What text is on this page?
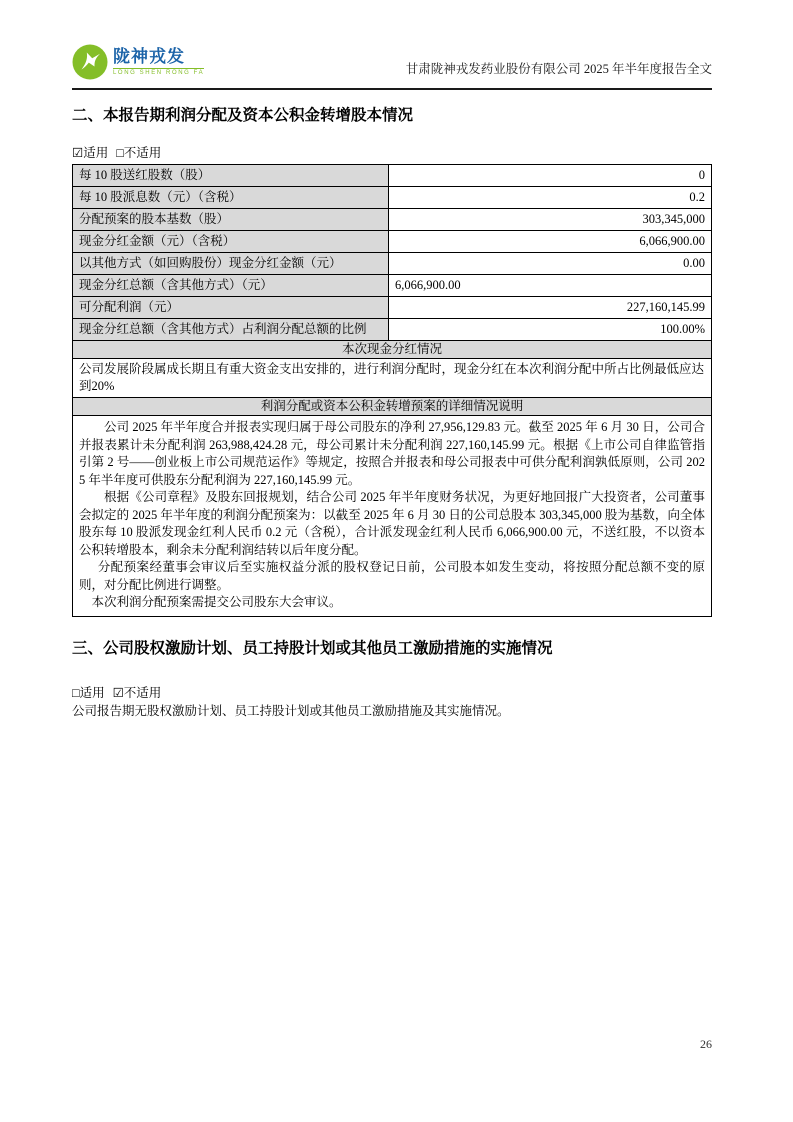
陇神戎发
LONG SHEN RONG FA	甘肃陇神戎发药业股份有限公司 2025 年半年度报告全文
二、本报告期利润分配及资本公积金转增股本情况
☑适用 □不适用
每 10 股送红股数（股）	0
每 10 股派息数（元）（含税）	0.2
分配预案的股本基数（股）	303,345,000
现金分红金额（元）（含税）	6,066,900.00
以其他方式（如回购股份）现金分红金额（元）	0.00
现金分红总额（含其他方式）（元）	6,066,900.00
可分配利润（元）	227,160,145.99
现金分红总额（含其他方式）占利润分配总额的比例	100.00%
本次现金分红情况	
公司发展阶段属成长期且有重大资金支出安排的，进行利润分配时，现金分红在本次利润分配中所占比例最低应达到20%	
利润分配或资本公积金转增预案的详细情况说明	

公司 2025 年半年度合并报表实现归属于母公司股东的净利 27,956,129.83 元。截至 2025 年 6 月 30 日，公司合并报表累计未分配利润 263,988,424.28 元，母公司累计未分配利润 227,160,145.99 元。根据《上市公司自律监管指引第 2 号——创业板上市公司规范运作》等规定，按照合并报表和母公司报表中可供分配利润孰低原则，公司 2025 年半年度可供股东分配利润为 227,160,145.99 元。

根据《公司章程》及股东回报规划，结合公司 2025 年半年度财务状况，为更好地回报广大投资者，公司董事会拟定的 2025 年半年度的利润分配预案为：以截至 2025 年 6 月 30 日的公司总股本 303,345,000 股为基数，向全体股东每 10 股派发现金红利人民币 0.2 元（含税），合计派发现金红利人民币 6,066,900.00 元，不送红股，不以资本公积转增股本，剩余未分配利润结转以后年度分配。

分配预案经董事会审议后至实施权益分派的股权登记日前，公司股本如发生变动，将按照分配总额不变的原则，对分配比例进行调整。

本次利润分配预案需提交公司股东大会审议。	

三、公司股权激励计划、员工持股计划或其他员工激励措施的实施情况
□适用 ☑不适用
公司报告期无股权激励计划、员工持股计划或其他员工激励措施及其实施情况。
26
